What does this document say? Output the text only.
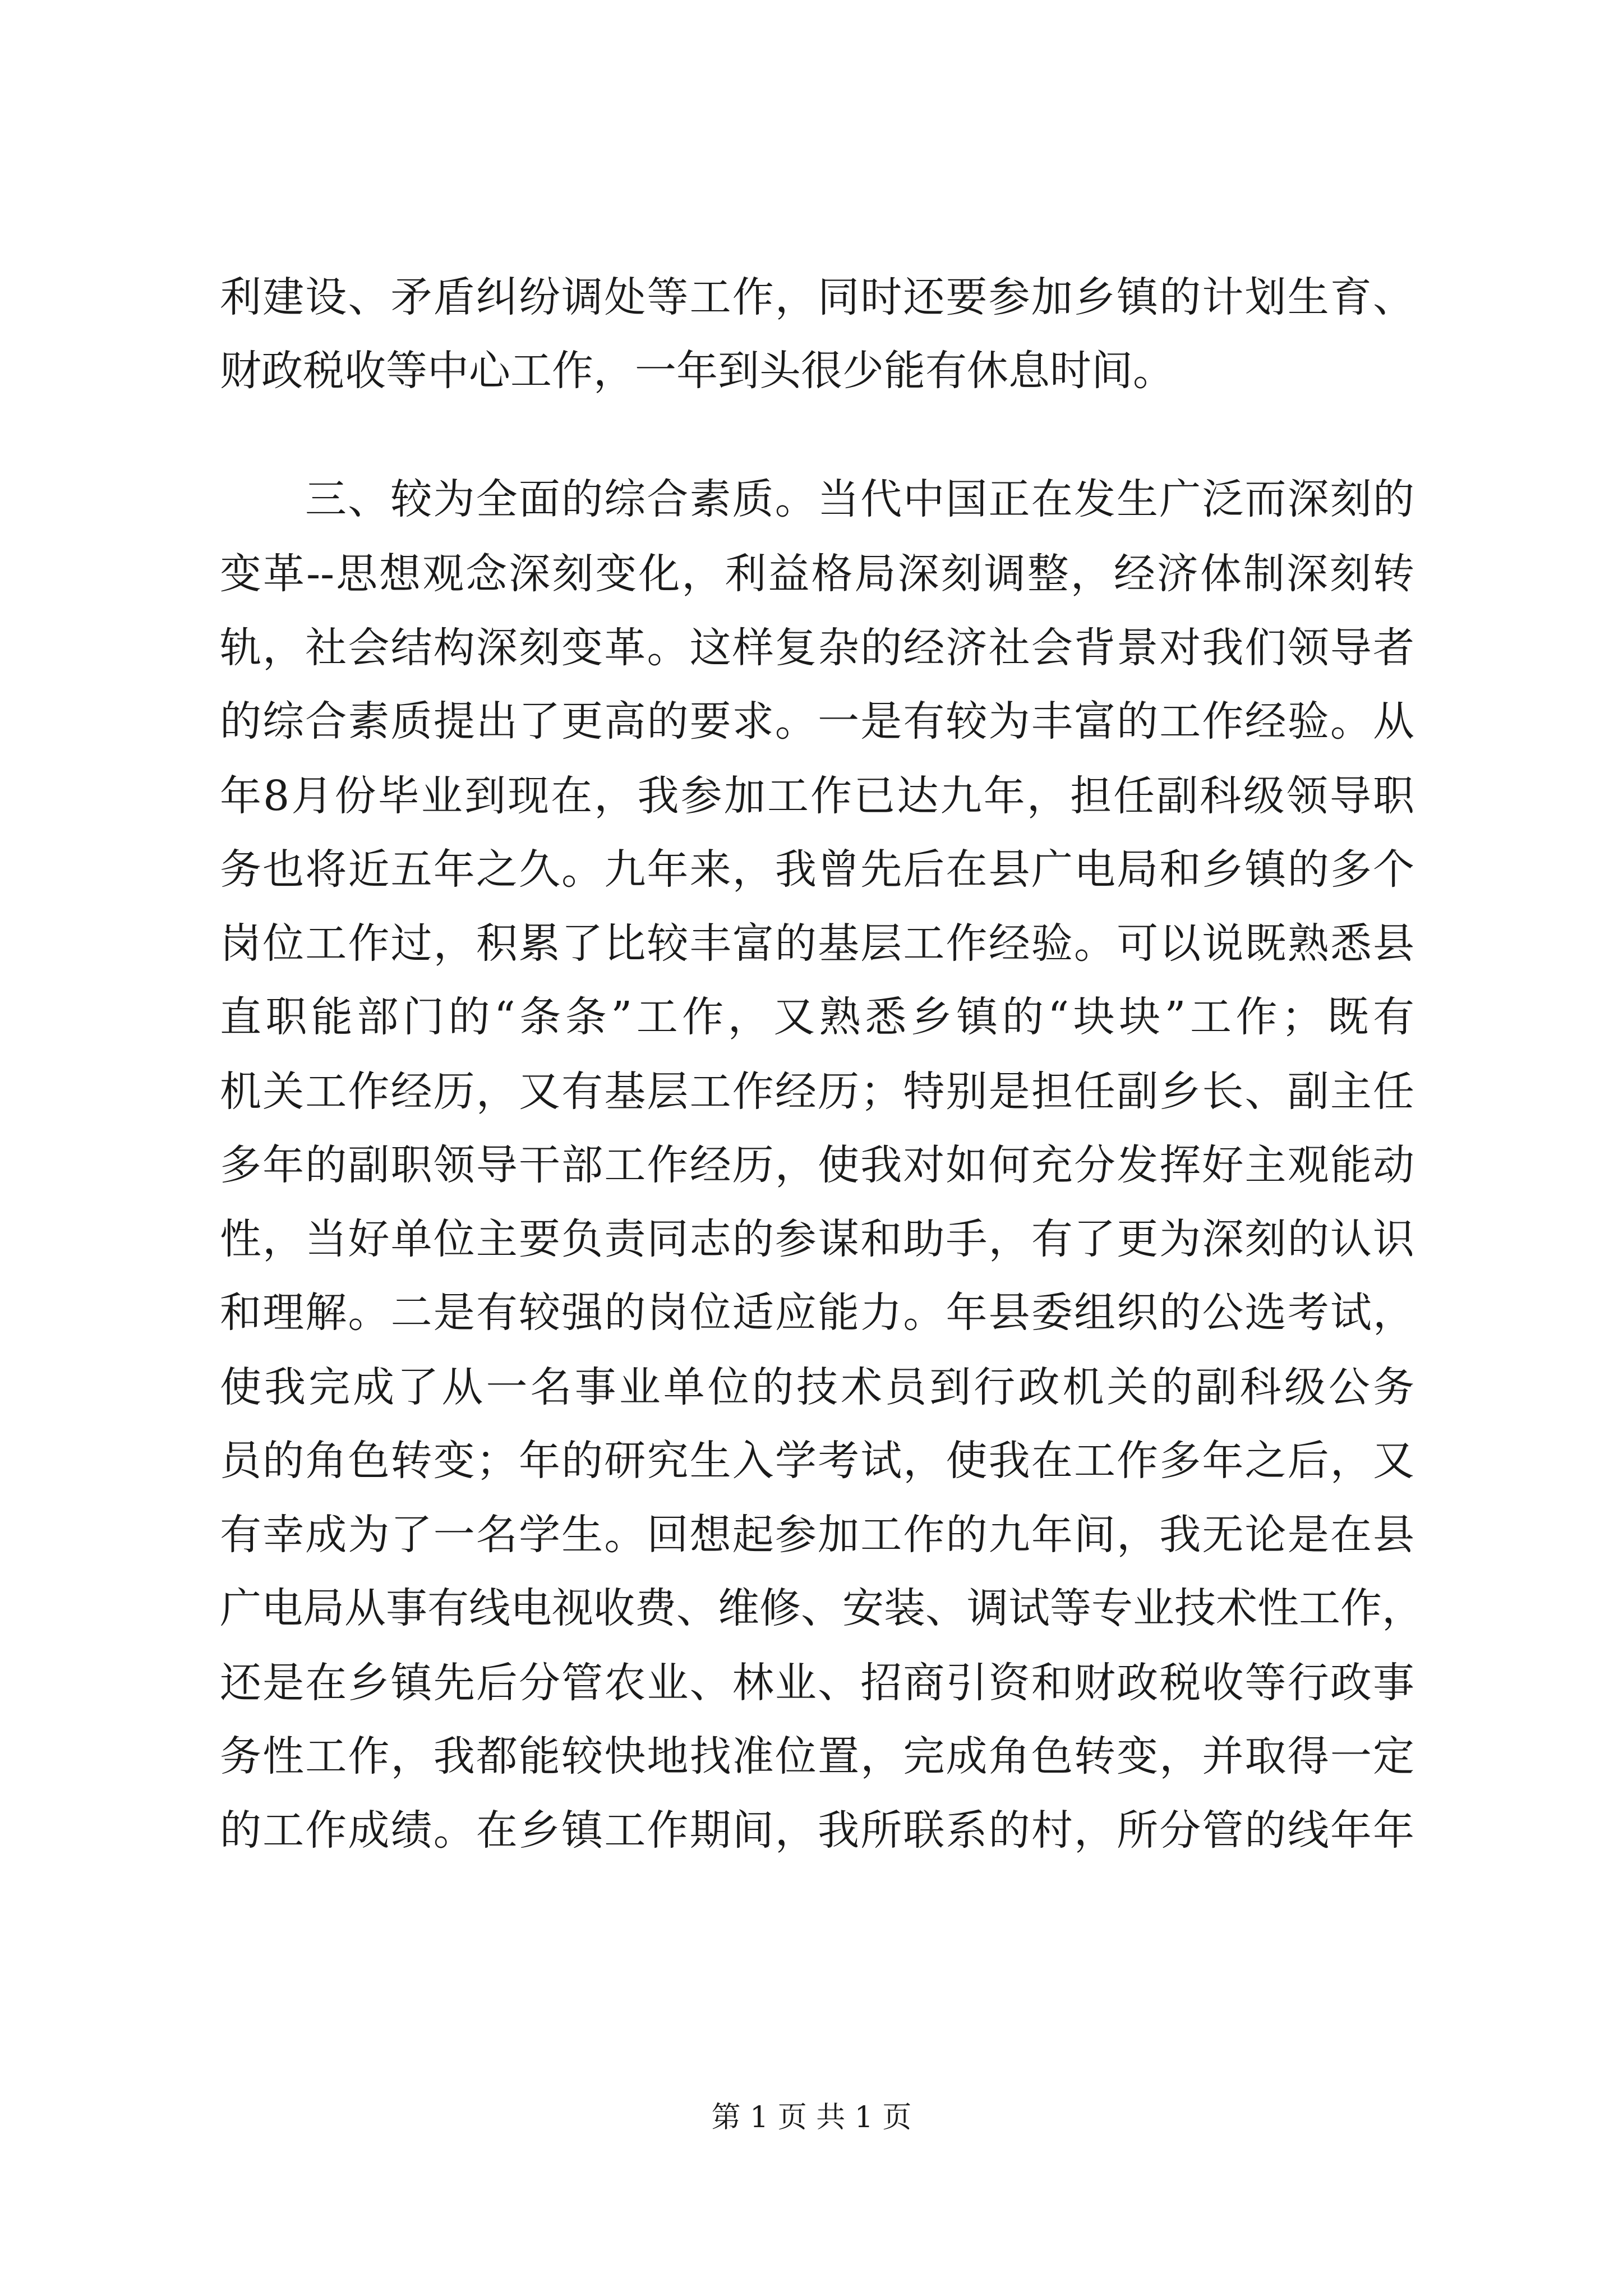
利建设、矛盾纠纷调处等工作，同时还要参加乡镇的计划生育、
财政税收等中心工作，一年到头很少能有休息时间。
三、较为全面的综合素质。当代中国正在发生广泛而深刻的
变革--思想观念深刻变化，利益格局深刻调整，经济体制深刻转
轨，社会结构深刻变革。这样复杂的经济社会背景对我们领导者
的综合素质提出了更高的要求。一是有较为丰富的工作经验。从
年8月份毕业到现在，我参加工作已达九年，担任副科级领导职
务也将近五年之久。九年来，我曾先后在县广电局和乡镇的多个
岗位工作过，积累了比较丰富的基层工作经验。可以说既熟悉县
直职能部门的“条条”工作，又熟悉乡镇的“块块”工作；既有
机关工作经历，又有基层工作经历；特别是担任副乡长、副主任
多年的副职领导干部工作经历，使我对如何充分发挥好主观能动
性，当好单位主要负责同志的参谋和助手，有了更为深刻的认识
和理解。二是有较强的岗位适应能力。年县委组织的公选考试，
使我完成了从一名事业单位的技术员到行政机关的副科级公务
员的角色转变；年的研究生入学考试，使我在工作多年之后，又
有幸成为了一名学生。回想起参加工作的九年间，我无论是在县
广电局从事有线电视收费、维修、安装、调试等专业技术性工作，
还是在乡镇先后分管农业、林业、招商引资和财政税收等行政事
务性工作，我都能较快地找准位置，完成角色转变，并取得一定
的工作成绩。在乡镇工作期间，我所联系的村，所分管的线年年
第 1 页 共 1 页
